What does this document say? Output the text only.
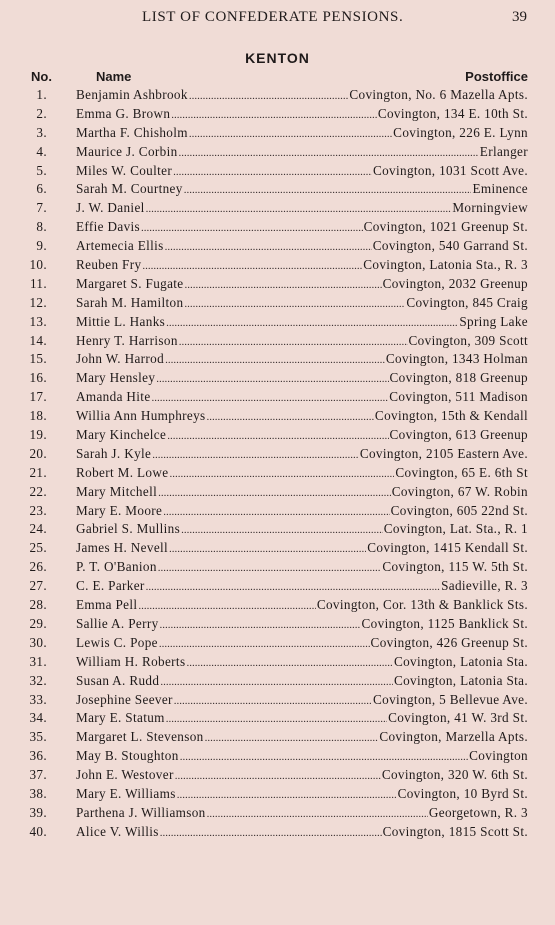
LIST OF CONFEDERATE PENSIONS.	39
KENTON
No.	Name	Postoffice
1. Benjamin Ashbrook .....	Covington, No. 6 Mazella Apts.
2. Emma G. Brown .....	Covington, 134 E. 10th St.
3. Martha F. Chisholm .....	Covington, 226 E. Lynn
4. Maurice J. Corbin .....	Erlanger
5. Miles W. Coulter .....	Covington, 1031 Scott Ave.
6. Sarah M. Courtney .....	Eminence
7. J. W. Daniel .....	Morningview
8. Effie Davis .....	Covington, 1021 Greenup St.
9. Artemecia Ellis .....	Covington, 540 Garrand St.
10. Reuben Fry .....	Covington, Latonia Sta., R. 3
11. Margaret S. Fugate .....	Covington, 2032 Greenup
12. Sarah M. Hamilton .....	Covington, 845 Craig
13. Mittie L. Hanks .....	Spring Lake
14. Henry T. Harrison .....	Covington, 309 Scott
15. John W. Harrod .....	Covington, 1343 Holman
16. Mary Hensley .....	Covington, 818 Greenup
17. Amanda Hite .....	Covington, 511 Madison
18. Willia Ann Humphreys .....	Covington, 15th & Kendall
19. Mary Kinchelce .....	Covington, 613 Greenup
20. Sarah J. Kyle .....	Covington, 2105 Eastern Ave.
21. Robert M. Lowe .....	Covington, 65 E. 6th St
22. Mary Mitchell .....	Covington, 67 W. Robin
23. Mary E. Moore .....	Covington, 605 22nd St.
24. Gabriel S. Mullins .....	Covington, Lat. Sta., R. 1
25. James H. Nevell .....	Covington, 1415 Kendall St.
26. P. T. O'Banion .....	Covington, 115 W. 5th St.
27. C. E. Parker .....	Sadieville, R. 3
28. Emma Pell .....	Covington, Cor. 13th & Banklick Sts.
29. Sallie A. Perry .....	Covington, 1125 Banklick St.
30. Lewis C. Pope .....	Covington, 426 Greenup St.
31. William H. Roberts .....	Covington, Latonia Sta.
32. Susan A. Rudd .....	Covington, Latonia Sta.
33. Josephine Seever .....	Covington, 5 Bellevue Ave.
34. Mary E. Statum .....	Covington, 41 W. 3rd St.
35. Margaret L. Stevenson .....	Covington, Marzella Apts.
36. May B. Stoughton .....	Covington
37. John E. Westover .....	Covington, 320 W. 6th St.
38. Mary E. Williams .....	Covington, 10 Byrd St.
39. Parthena J. Williamson .....	Georgetown, R. 3
40. Alice V. Willis .....	Covington, 1815 Scott St.
